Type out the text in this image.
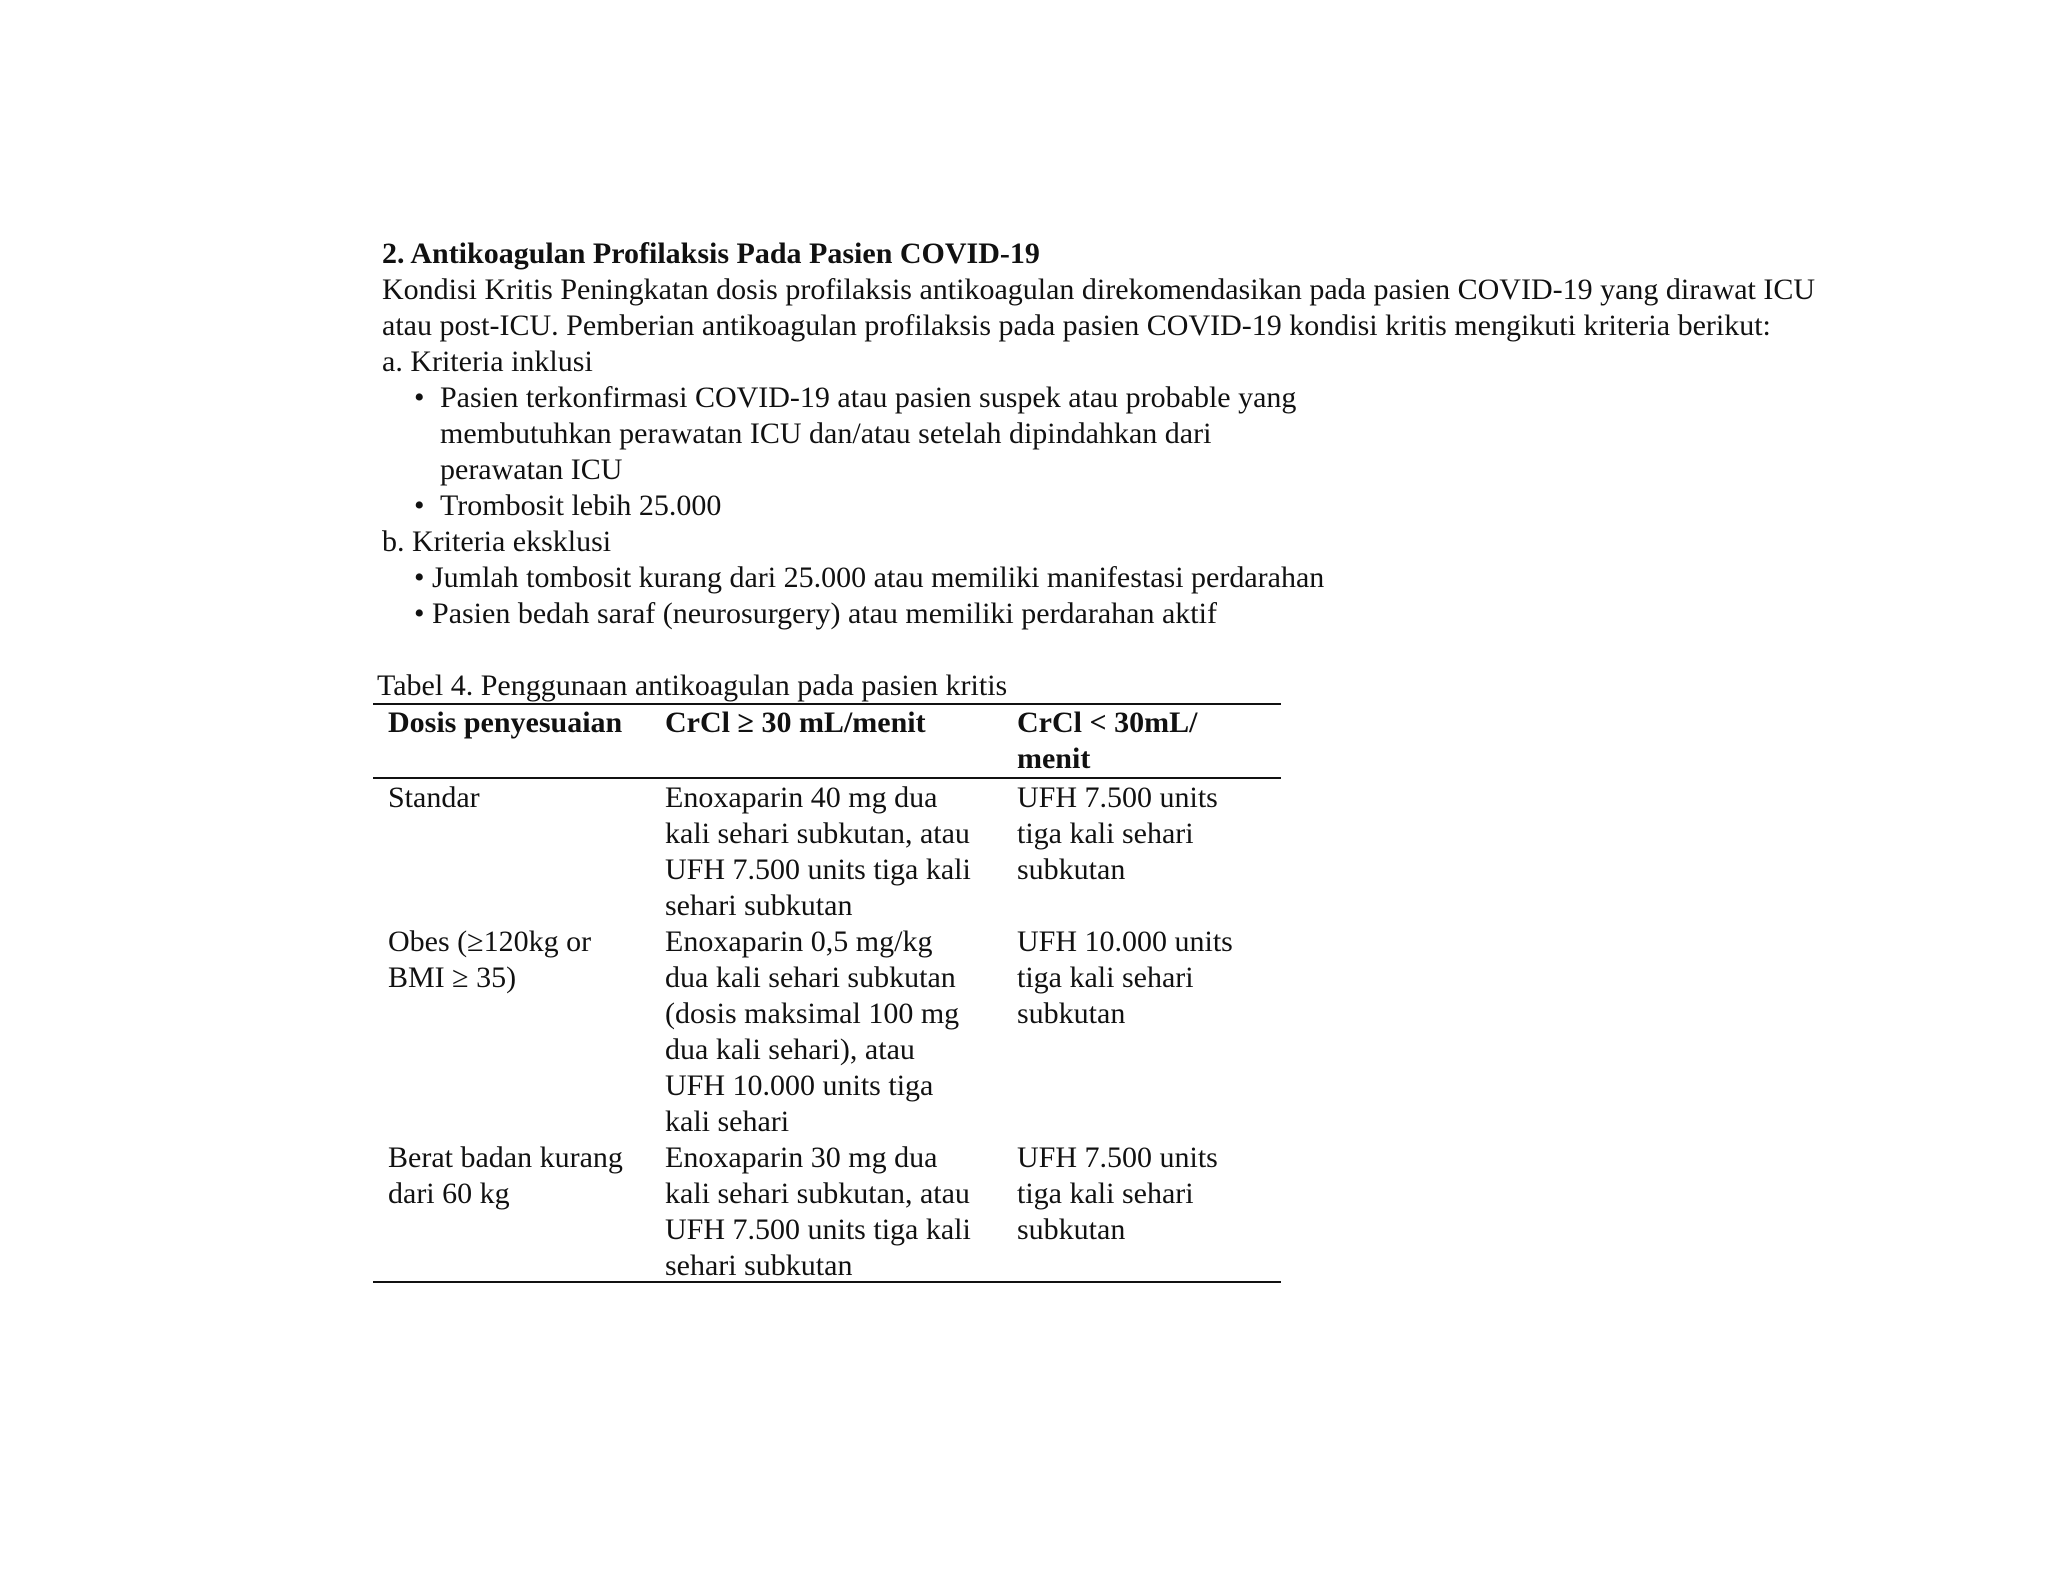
2. Antikoagulan Profilaksis Pada Pasien COVID-19
Kondisi Kritis Peningkatan dosis profilaksis antikoagulan direkomendasikan pada pasien COVID-19 yang dirawat ICU
atau post-ICU. Pemberian antikoagulan profilaksis pada pasien COVID-19 kondisi kritis mengikuti kriteria berikut:
a. Kriteria inklusi
• Pasien terkonfirmasi COVID-19 atau pasien suspek atau probable yang
membutuhkan perawatan ICU dan/atau setelah dipindahkan dari
perawatan ICU
• Trombosit lebih 25.000
b. Kriteria eksklusi
• Jumlah tombosit kurang dari 25.000 atau memiliki manifestasi perdarahan
• Pasien bedah saraf (neurosurgery) atau memiliki perdarahan aktif
Tabel 4. Penggunaan antikoagulan pada pasien kritis
Dosis penyesuaian CrCl ≥ 30 mL/menit	CrCl < 30mL/
menit
Standar	Enoxaparin 40 mg dua
kali sehari subkutan, atau
UFH 7.500 units tiga kali
sehari subkutan
UFH 7.500 units
tiga kali sehari
subkutan
Obes (≥120kg or
BMI ≥ 35)
Enoxaparin 0,5 mg/kg
dua kali sehari subkutan
(dosis maksimal 100 mg
dua kali sehari), atau
UFH 10.000 units tiga
kali sehari
UFH 10.000 units
tiga kali sehari
subkutan
Berat badan kurang
dari 60 kg
Enoxaparin 30 mg dua
kali sehari subkutan, atau
UFH 7.500 units tiga kali
sehari subkutan
UFH 7.500 units
tiga kali sehari
subkutan
